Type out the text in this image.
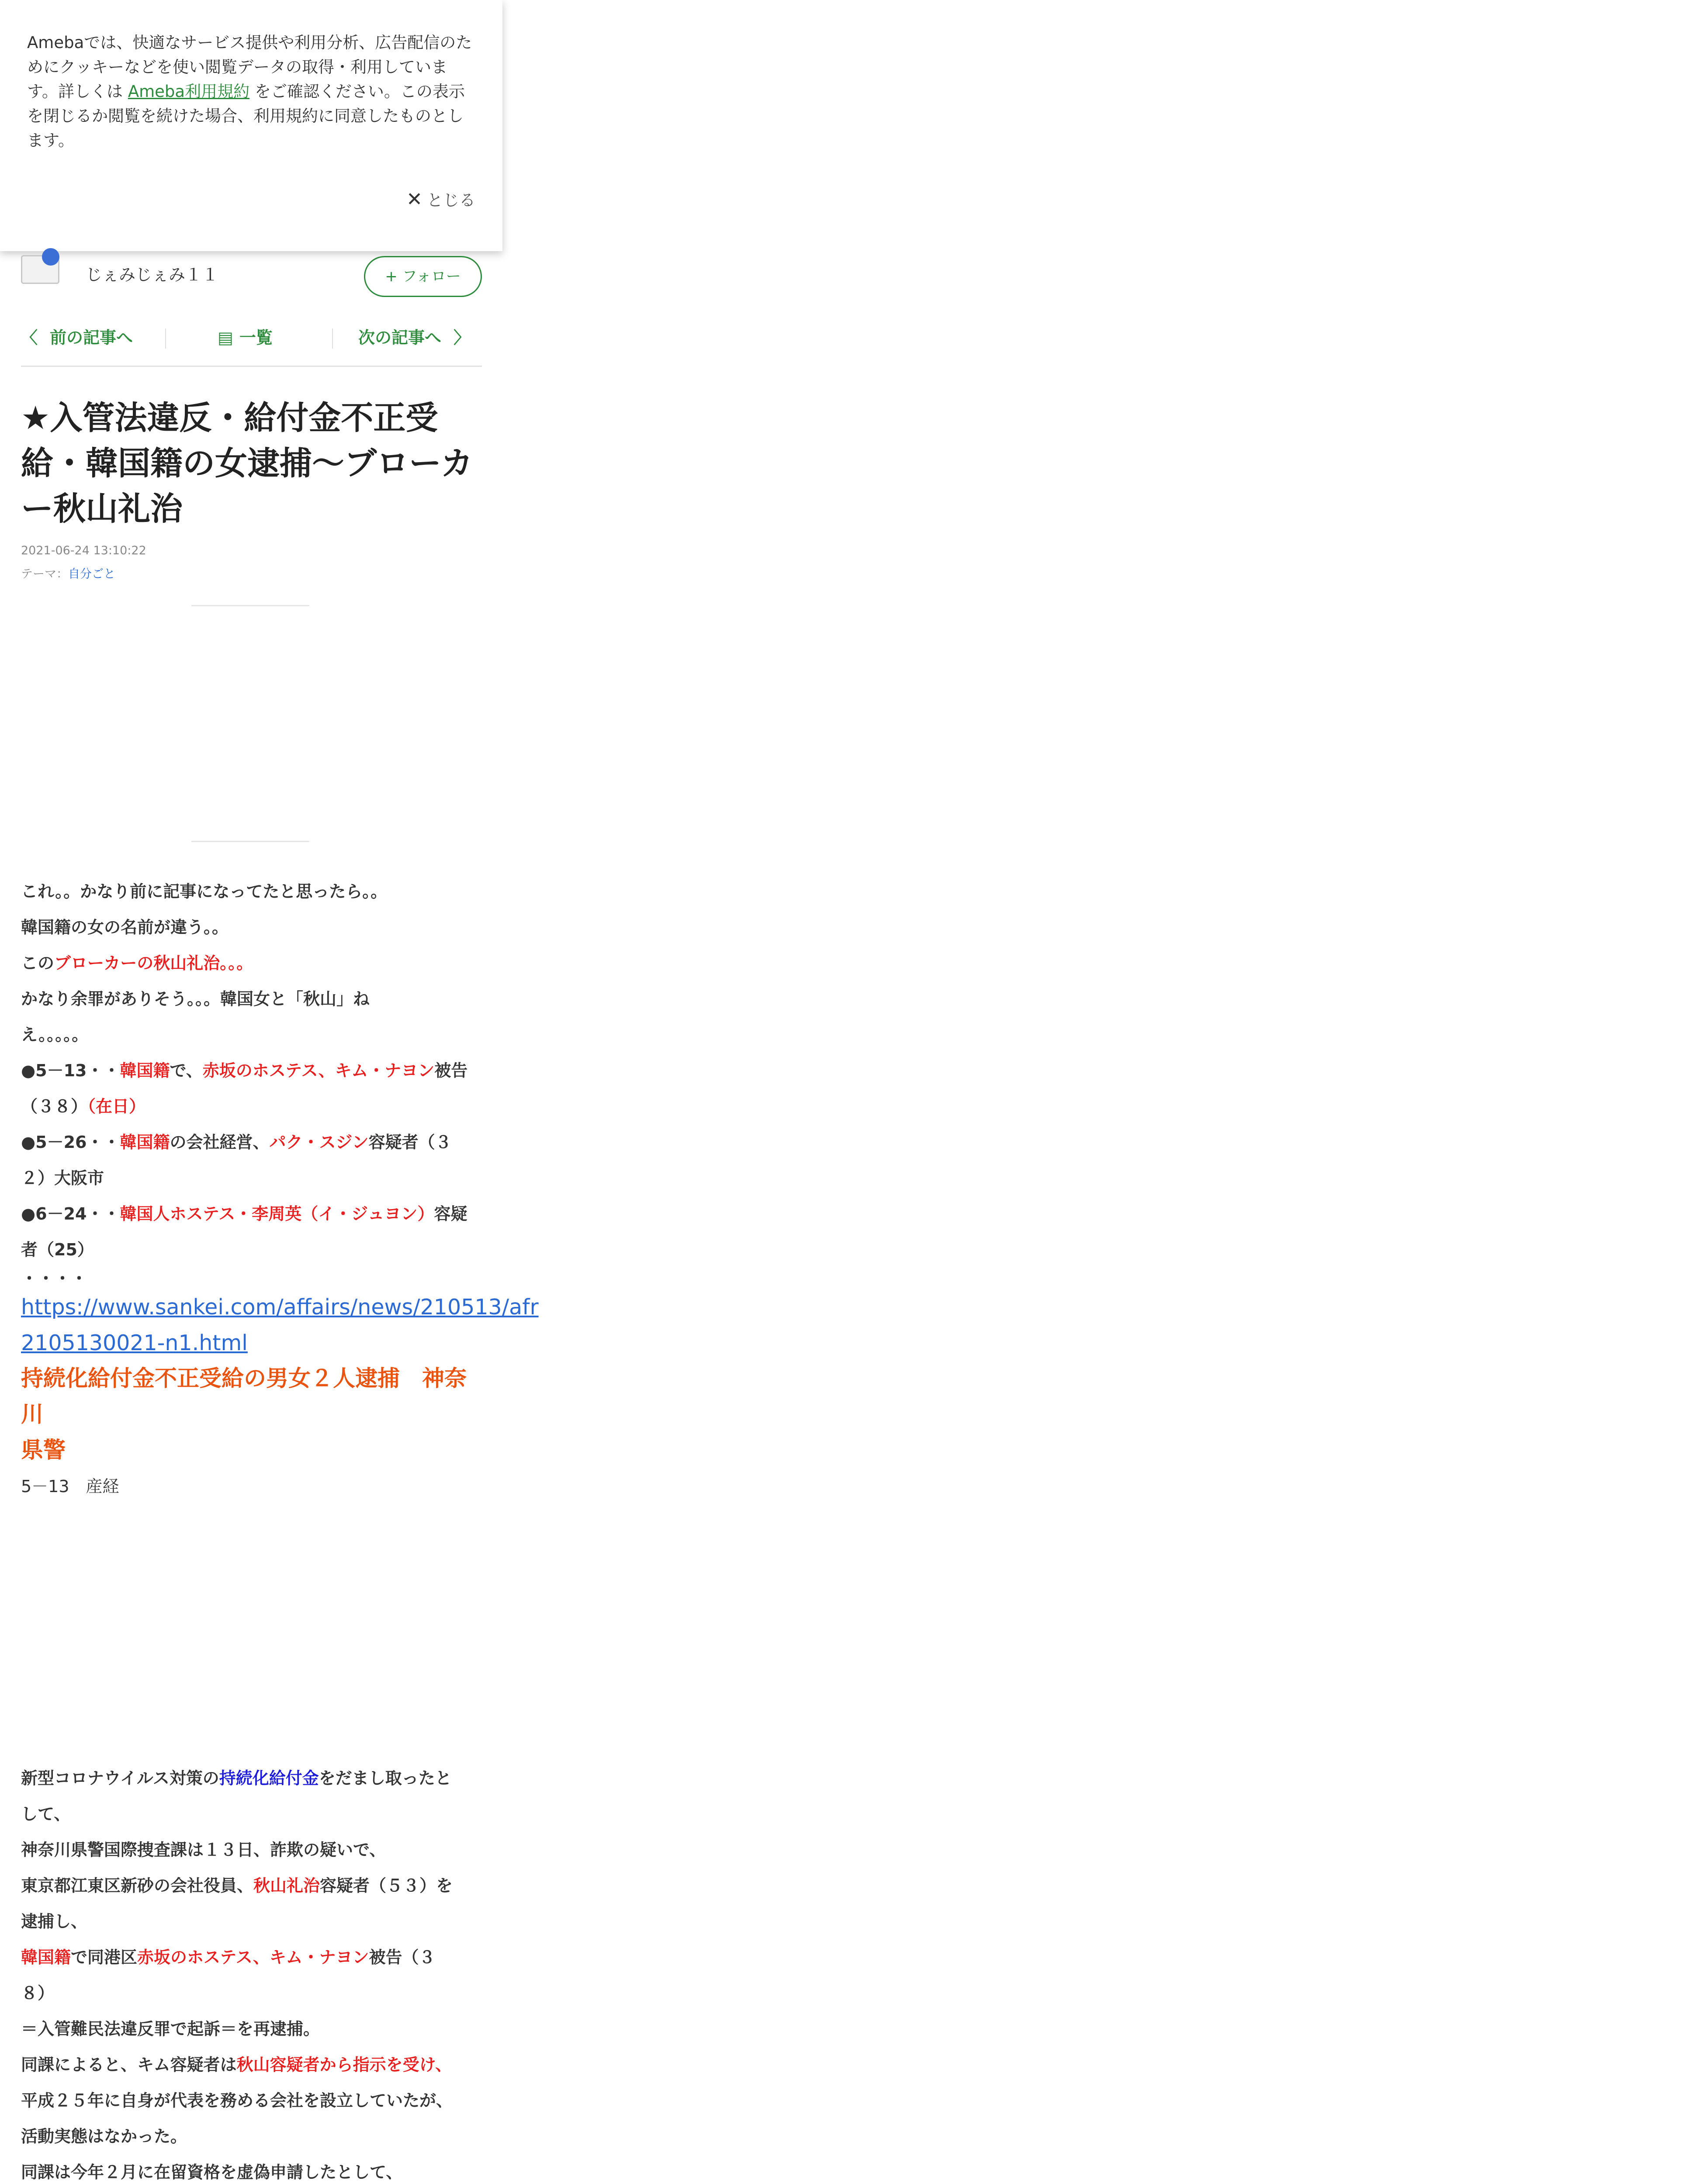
Amebaでは、快適なサービス提供や利用分析、広告配信のためにクッキーなどを使い閲覧データの取得・利用しています。詳しくは Ameba利用規約 をご確認ください。この表示を閉じるか閲覧を続けた場合、利用規約に同意したものとします。

✕ とじる
じぇみじぇみ１１	+ フォロー
〈 前の記事へ	▤ 一覧	次の記事へ 〉
★入管法違反・給付金不正受給・韓国籍の女逮捕～ブローカー秋山礼治
2021-06-24 13:10:22
テーマ：自分ごと

これ。。かなり前に記事になってたと思ったら。。

韓国籍の女の名前が違う。。

このブローカーの秋山礼治。。。

かなり余罪がありそう。。。韓国女と「秋山」ね

え。。。。。

●5－13・・韓国籍で、赤坂のホステス、キム・ナヨン被告

（３８）（在日）

●5－26・・韓国籍の会社経営、パク・スジン容疑者（３

２）大阪市

●6－24・・韓国人ホステス・李周英（イ・ジュヨン）容疑

者（25）

・・・・

https://www.sankei.com/affairs/news/210513/afr

2105130021-n1.html

持続化給付金不正受給の男女２人逮捕　神奈川

県警

5－13　産経

新型コロナウイルス対策の持続化給付金をだまし取ったと

して、

神奈川県警国際捜査課は１３日、詐欺の疑いで、

東京都江東区新砂の会社役員、秋山礼治容疑者（５３）を

逮捕し、

韓国籍で同港区赤坂のホステス、キム・ナヨン被告（３

８）

＝入管難民法違反罪で起訴＝を再逮捕。

同課によると、キム容疑者は秋山容疑者から指示を受け、

平成２５年に自身が代表を務める会社を設立していたが、

活動実態はなかった。

同課は今年２月に在留資格を虚偽申請したとして、
